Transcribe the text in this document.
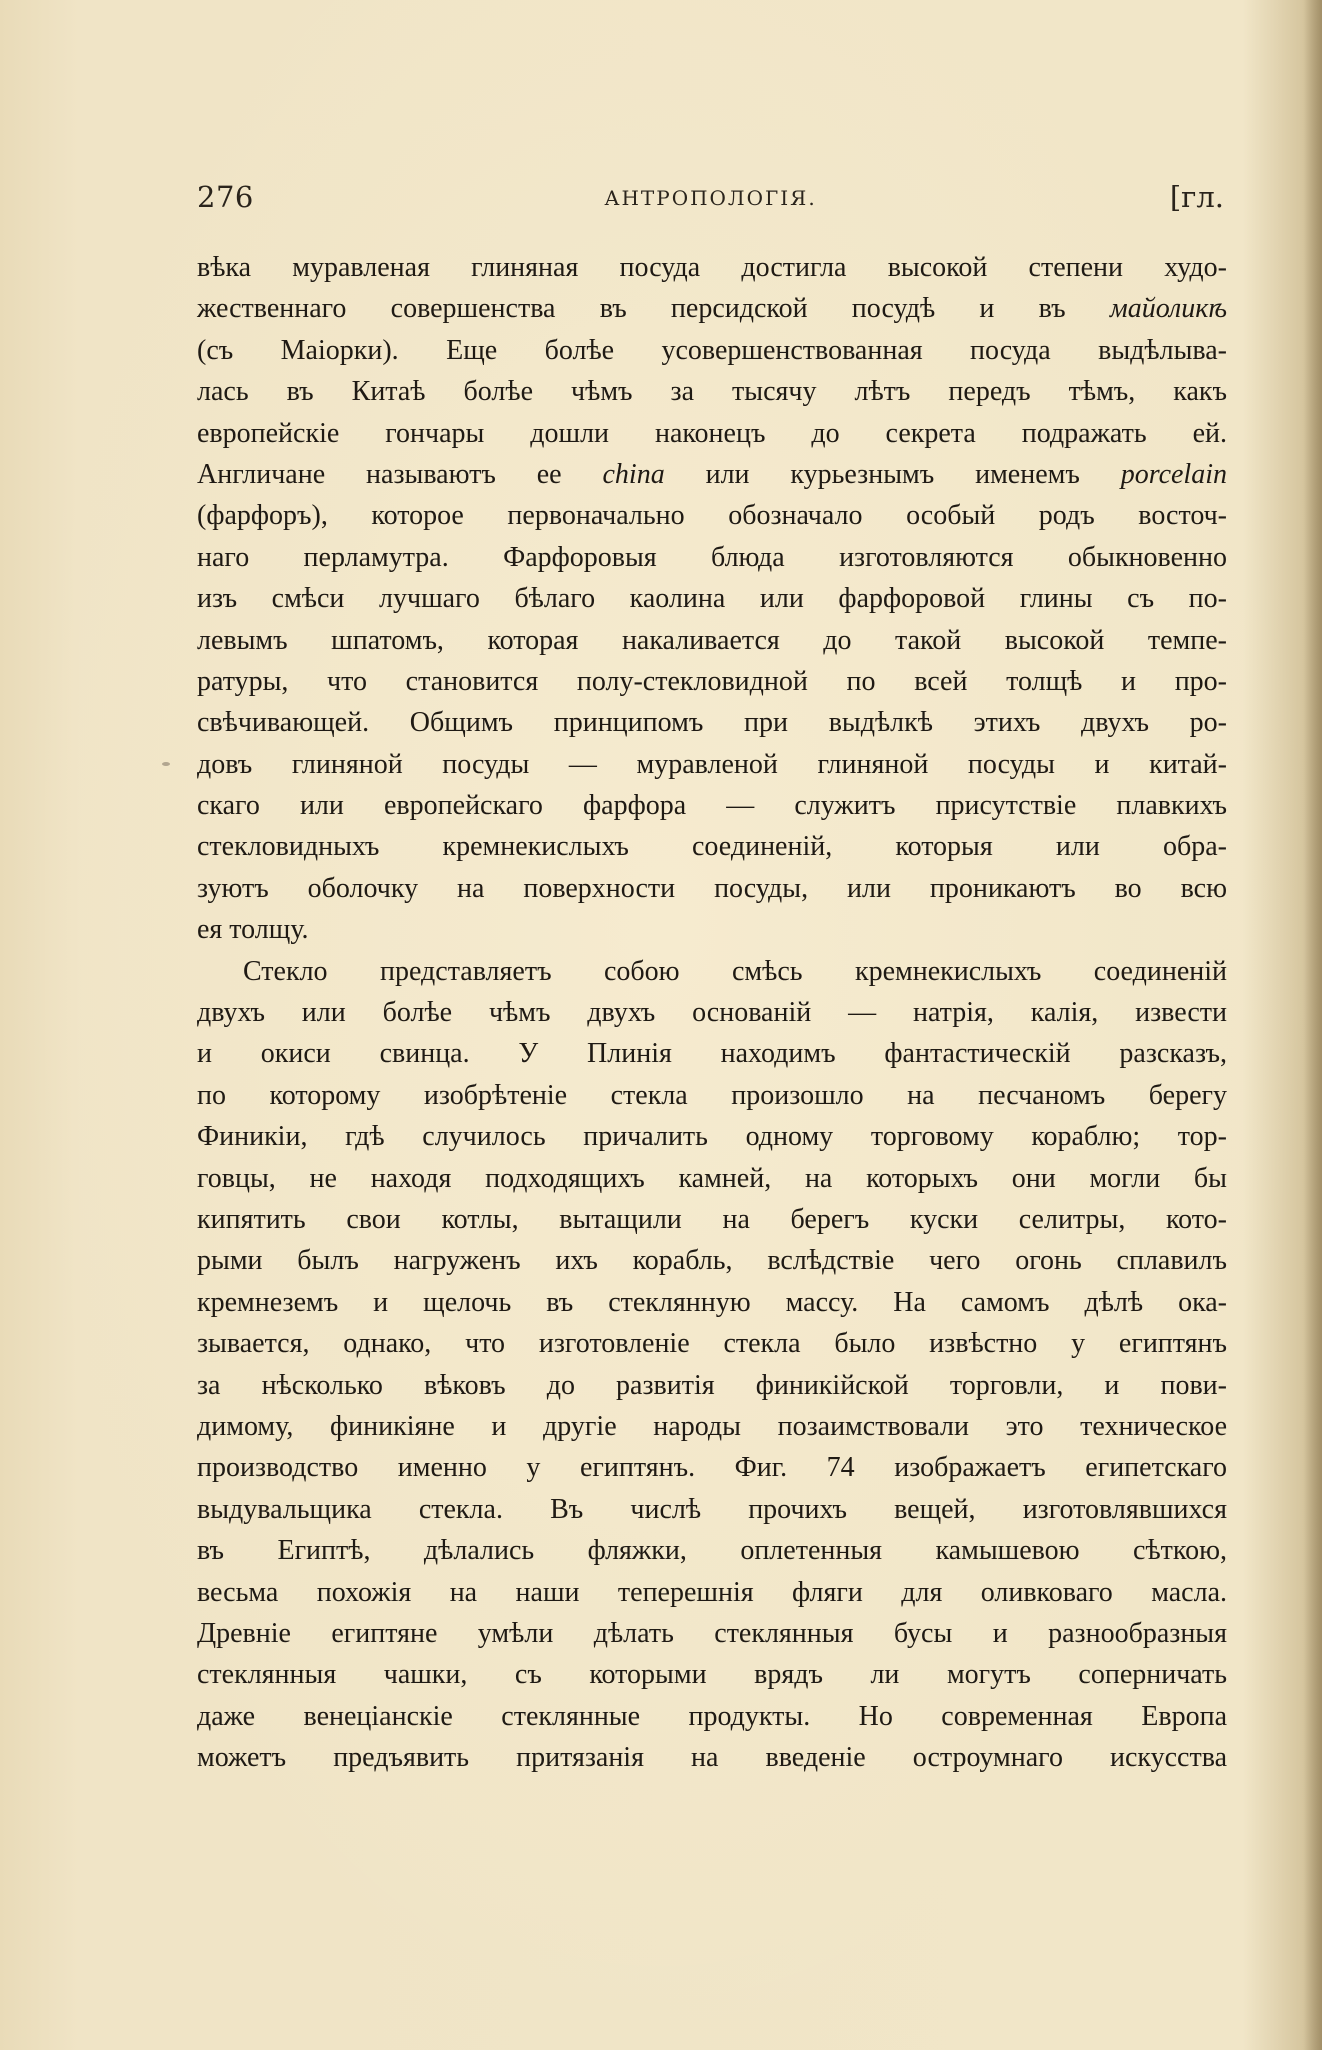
276	АНТРОПОЛОГІЯ.	[гл.
вѣка муравленая глиняная посуда достигла высокой степени худо-
жественнаго совершенства въ персидской посудѣ и въ майоликѣ
(съ Маіорки). Еще болѣе усовершенствованная посуда выдѣлыва-
лась въ Китаѣ болѣе чѣмъ за тысячу лѣтъ передъ тѣмъ, какъ
европейскіе гончары дошли наконецъ до секрета подражать ей.
Англичане называютъ ее china или курьезнымъ именемъ porcelain
(фарфоръ), которое первоначально обозначало особый родъ восточ-
наго перламутра. Фарфоровыя блюда изготовляются обыкновенно
изъ смѣси лучшаго бѣлаго каолина или фарфоровой глины съ по-
левымъ шпатомъ, которая накаливается до такой высокой темпе-
ратуры, что становится полу-стекловидной по всей толщѣ и про-
свѣчивающей. Общимъ принципомъ при выдѣлкѣ этихъ двухъ ро-
довъ глиняной посуды — муравленой глиняной посуды и китай-
скаго или европейскаго фарфора — служитъ присутствіе плавкихъ
стекловидныхъ кремнекислыхъ соединеній, которыя или обра-
зуютъ оболочку на поверхности посуды, или проникаютъ во всю
ея толщу.
Стекло представляетъ собою смѣсь кремнекислыхъ соединеній
двухъ или болѣе чѣмъ двухъ основаній — натрія, калія, извести
и окиси свинца. У Плинія находимъ фантастическій разсказъ,
по которому изобрѣтеніе стекла произошло на песчаномъ берегу
Финикіи, гдѣ случилось причалить одному торговому кораблю; тор-
говцы, не находя подходящихъ камней, на которыхъ они могли бы
кипятить свои котлы, вытащили на берегъ куски селитры, кото-
рыми былъ нагруженъ ихъ корабль, вслѣдствіе чего огонь сплавилъ
кремнеземъ и щелочь въ стеклянную массу. На самомъ дѣлѣ ока-
зывается, однако, что изготовленіе стекла было извѣстно у египтянъ
за нѣсколько вѣковъ до развитія финикійской торговли, и пови-
димому, финикіяне и другіе народы позаимствовали это техническое
производство именно у египтянъ. Фиг. 74 изображаетъ египетскаго
выдувальщика стекла. Въ числѣ прочихъ вещей, изготовлявшихся
въ Египтѣ, дѣлались фляжки, оплетенныя камышевою сѣткою,
весьма похожія на наши теперешнія фляги для оливковаго масла.
Древніе египтяне умѣли дѣлать стеклянныя бусы и разнообразныя
стеклянныя чашки, съ которыми врядъ ли могутъ соперничать
даже венеціанскіе стеклянные продукты. Но современная Европа
можетъ предъявить притязанія на введеніе остроумнаго искусства
